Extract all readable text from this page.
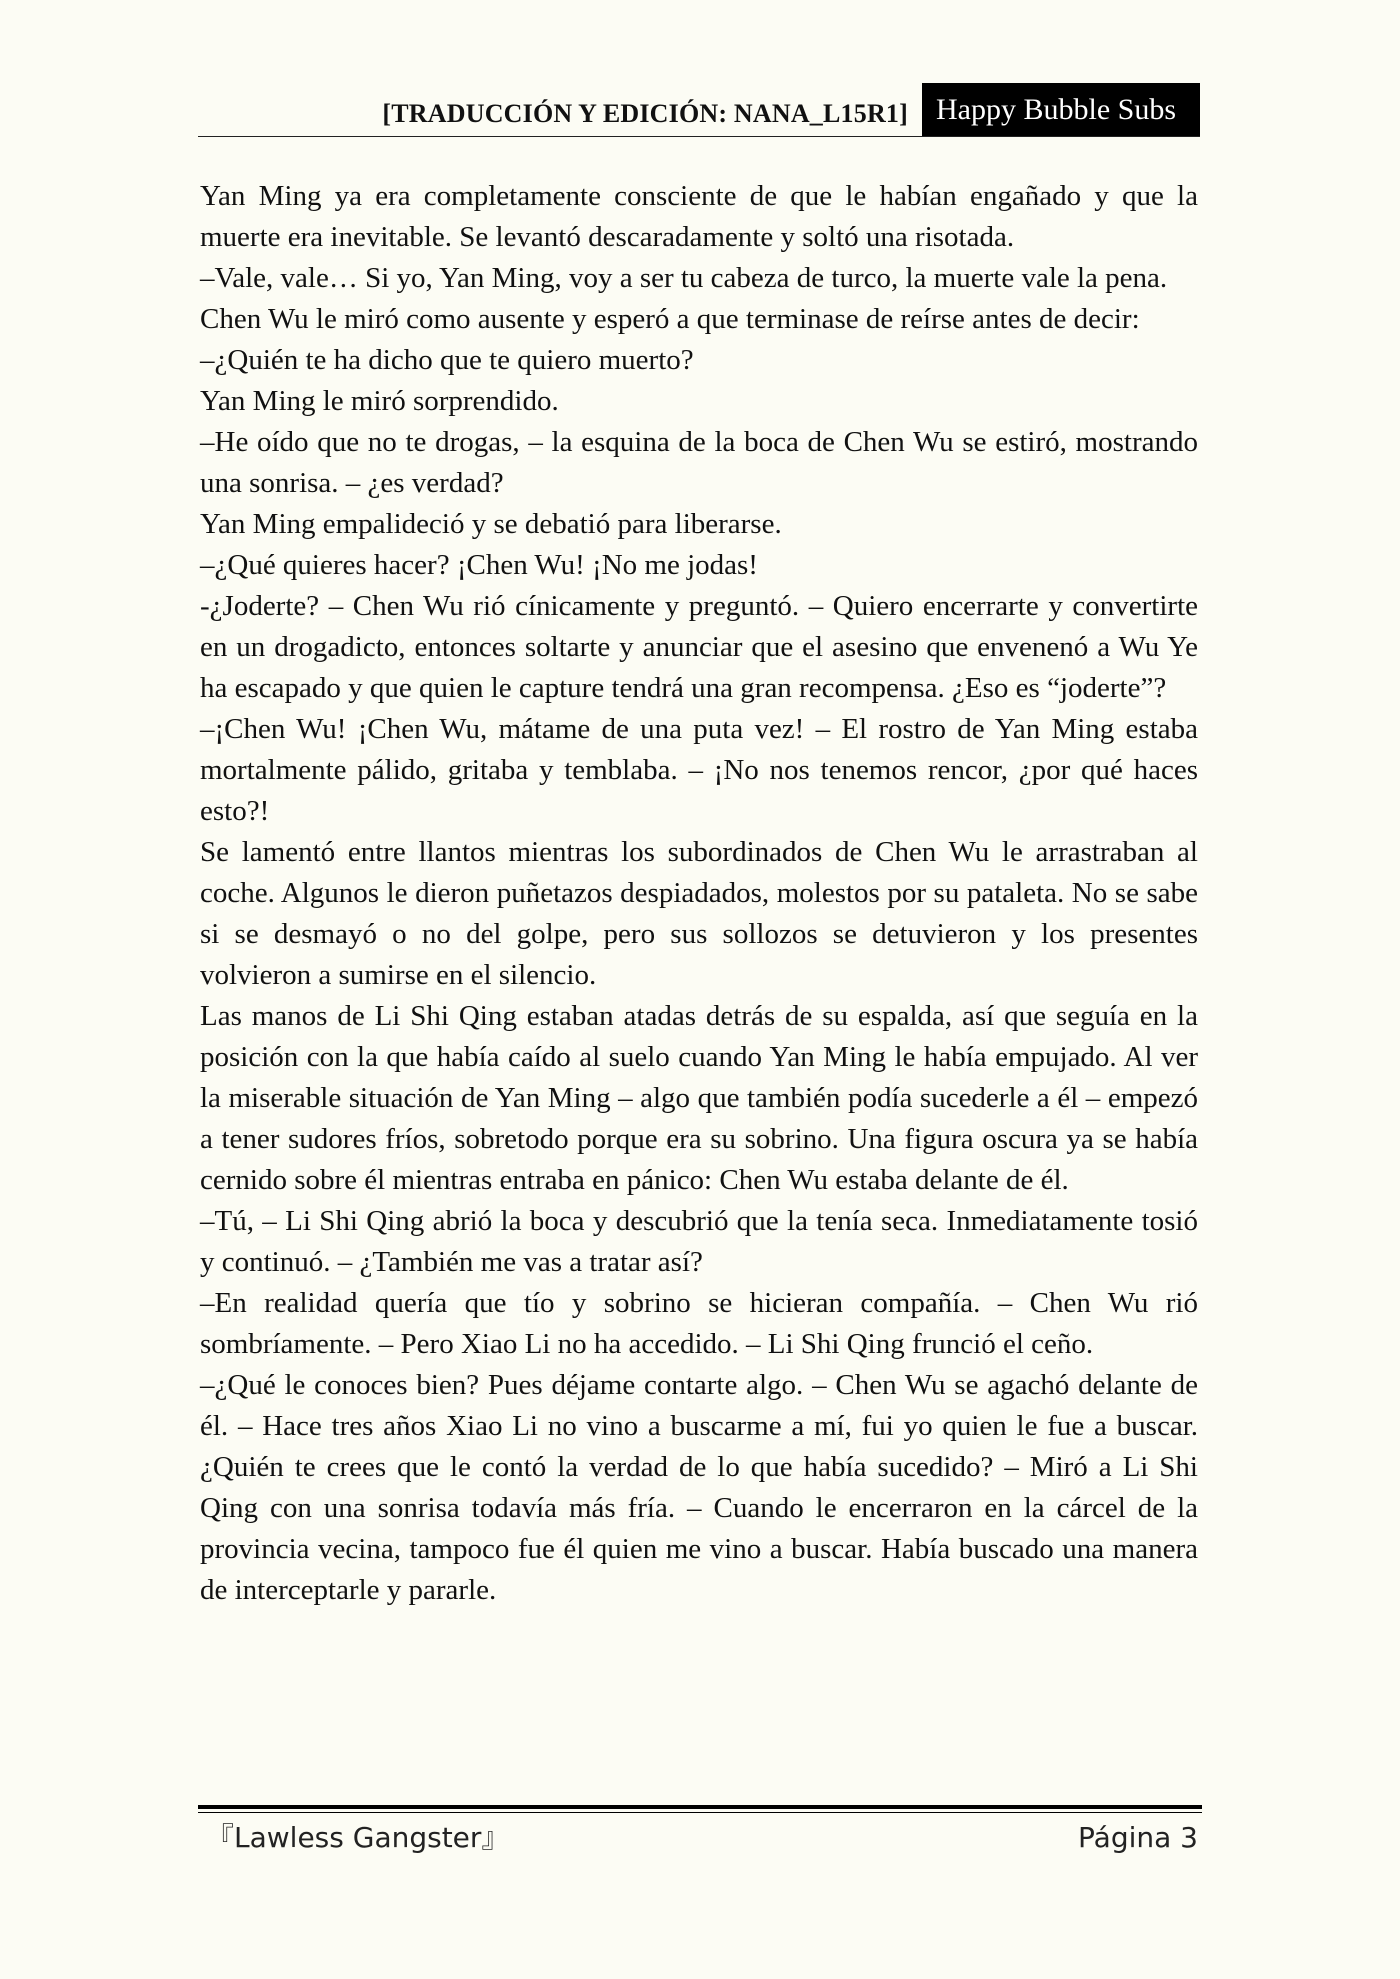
[TRADUCCIÓN Y EDICIÓN: NANA_L15R1] Happy Bubble Subs

Yan Ming ya era completamente consciente de que le habían engañado y que la muerte era inevitable. Se levantó descaradamente y soltó una risotada.

–Vale, vale… Si yo, Yan Ming, voy a ser tu cabeza de turco, la muerte vale la pena.

Chen Wu le miró como ausente y esperó a que terminase de reírse antes de decir:

–¿Quién te ha dicho que te quiero muerto?

Yan Ming le miró sorprendido.

–He oído que no te drogas, – la esquina de la boca de Chen Wu se estiró, mostrando una sonrisa. – ¿es verdad?

Yan Ming empalideció y se debatió para liberarse.

–¿Qué quieres hacer? ¡Chen Wu! ¡No me jodas!

-¿Joderte? – Chen Wu rió cínicamente y preguntó. – Quiero encerrarte y convertirte en un drogadicto, entonces soltarte y anunciar que el asesino que envenenó a Wu Ye ha escapado y que quien le capture tendrá una gran recompensa. ¿Eso es “joderte”?

–¡Chen Wu! ¡Chen Wu, mátame de una puta vez! – El rostro de Yan Ming estaba mortalmente pálido, gritaba y temblaba. – ¡No nos tenemos rencor, ¿por qué haces esto?!

Se lamentó entre llantos mientras los subordinados de Chen Wu le arrastraban al coche. Algunos le dieron puñetazos despiadados, molestos por su pataleta. No se sabe si se desmayó o no del golpe, pero sus sollozos se detuvieron y los presentes volvieron a sumirse en el silencio.

Las manos de Li Shi Qing estaban atadas detrás de su espalda, así que seguía en la posición con la que había caído al suelo cuando Yan Ming le había empujado. Al ver la miserable situación de Yan Ming – algo que también podía sucederle a él – empezó a tener sudores fríos, sobretodo porque era su sobrino. Una figura oscura ya se había cernido sobre él mientras entraba en pánico: Chen Wu estaba delante de él.

–Tú, – Li Shi Qing abrió la boca y descubrió que la tenía seca. Inmediatamente tosió y continuó. – ¿También me vas a tratar así?

–En realidad quería que tío y sobrino se hicieran compañía. – Chen Wu rió sombríamente. – Pero Xiao Li no ha accedido. – Li Shi Qing frunció el ceño.

–¿Qué le conoces bien? Pues déjame contarte algo. – Chen Wu se agachó delante de él. – Hace tres años Xiao Li no vino a buscarme a mí, fui yo quien le fue a buscar. ¿Quién te crees que le contó la verdad de lo que había sucedido? – Miró a Li Shi Qing con una sonrisa todavía más fría. – Cuando le encerraron en la cárcel de la provincia vecina, tampoco fue él quien me vino a buscar. Había buscado una manera de interceptarle y pararle.

『Lawless Gangster』	Página 3
